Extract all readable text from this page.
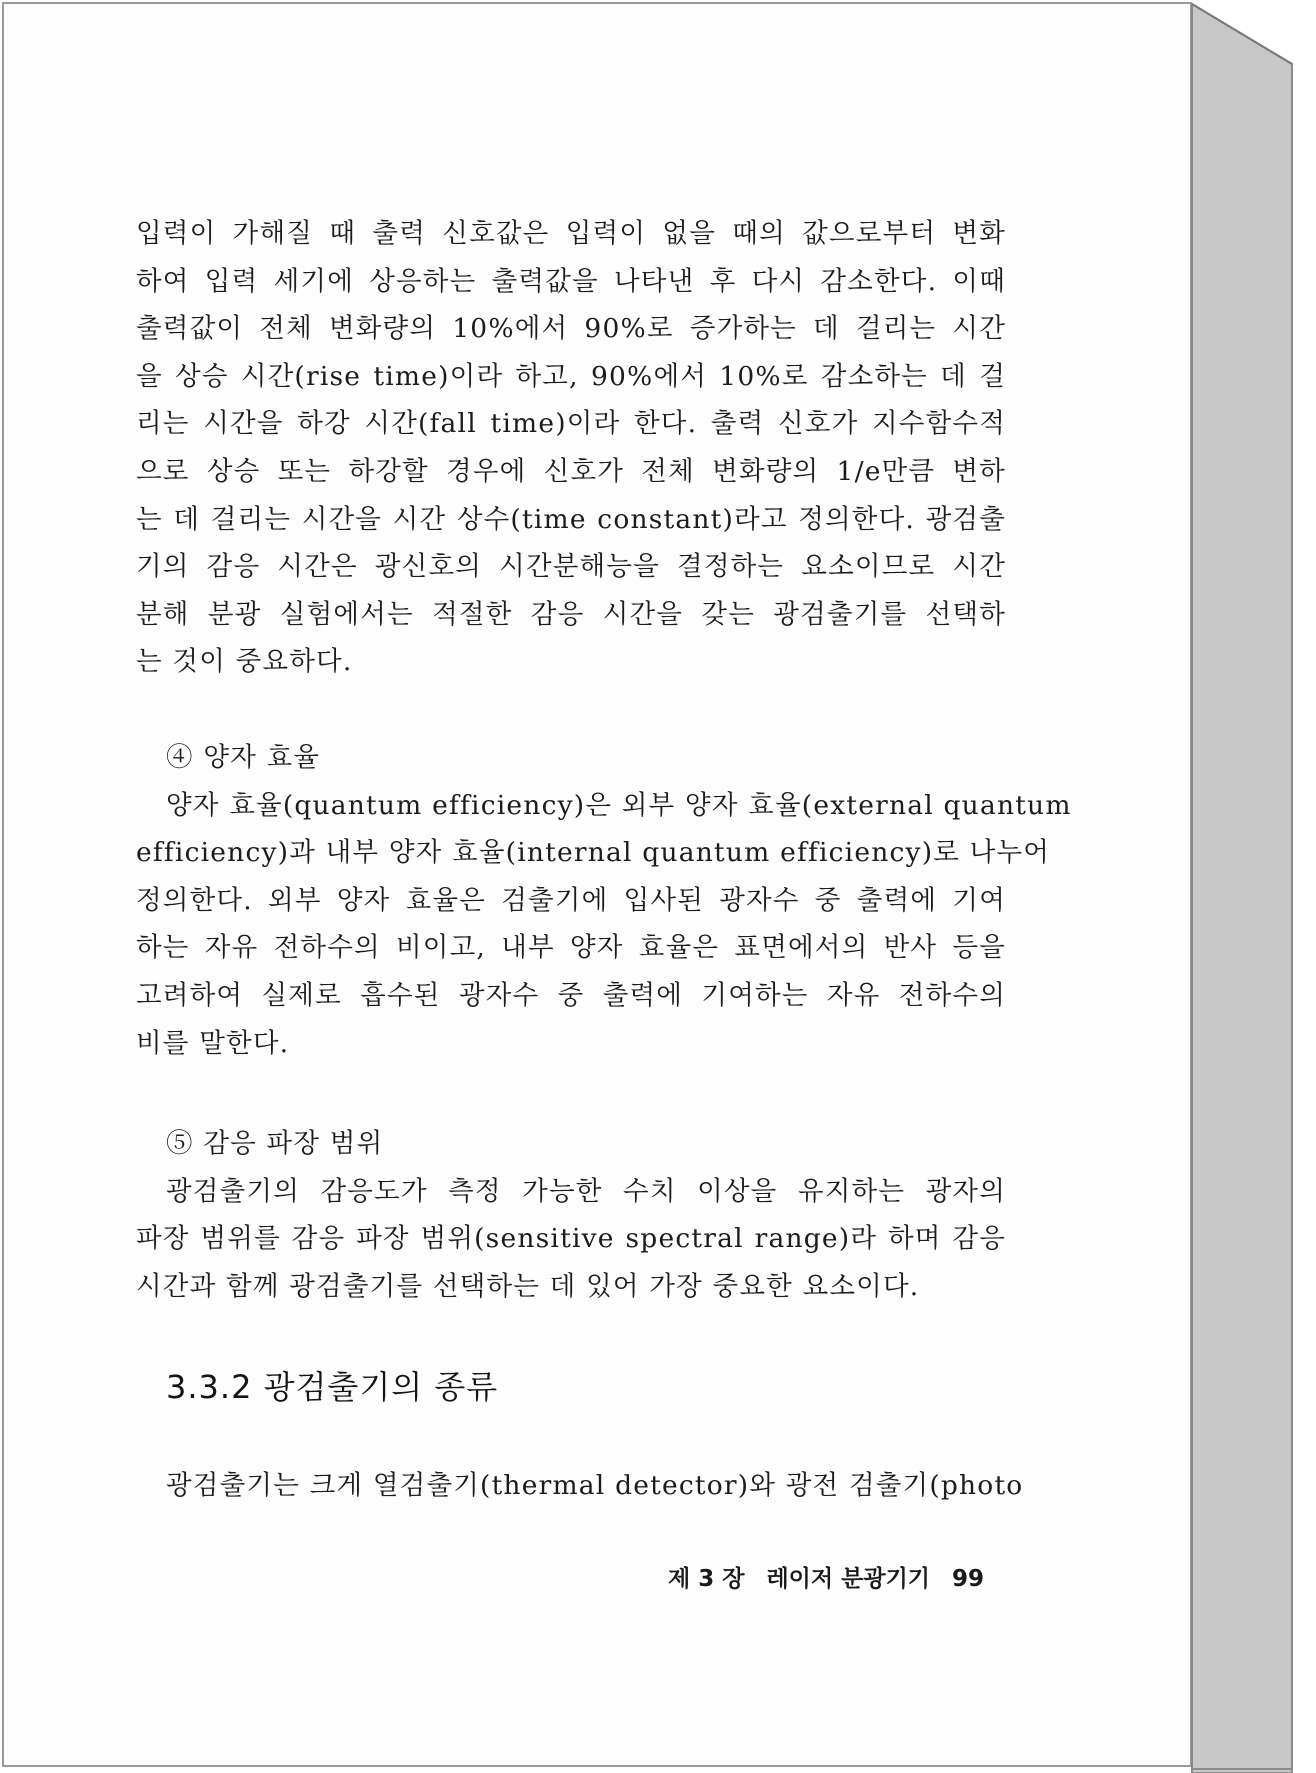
입력이 가해질 때 출력 신호값은 입력이 없을 때의 값으로부터 변화
하여 입력 세기에 상응하는 출력값을 나타낸 후 다시 감소한다. 이때
출력값이 전체 변화량의 10%에서 90%로 증가하는 데 걸리는 시간
을 상승 시간(rise time)이라 하고, 90%에서 10%로 감소하는 데 걸
리는 시간을 하강 시간(fall time)이라 한다. 출력 신호가 지수함수적
으로 상승 또는 하강할 경우에 신호가 전체 변화량의 1/e만큼 변하
는 데 걸리는 시간을 시간 상수(time constant)라고 정의한다. 광검출
기의 감응 시간은 광신호의 시간분해능을 결정하는 요소이므로 시간
분해 분광 실험에서는 적절한 감응 시간을 갖는 광검출기를 선택하
는 것이 중요하다.
④ 양자 효율
양자 효율(quantum efficiency)은 외부 양자 효율(external quantum
efficiency)과 내부 양자 효율(internal quantum efficiency)로 나누어
정의한다. 외부 양자 효율은 검출기에 입사된 광자수 중 출력에 기여
하는 자유 전하수의 비이고, 내부 양자 효율은 표면에서의 반사 등을
고려하여 실제로 흡수된 광자수 중 출력에 기여하는 자유 전하수의
비를 말한다.
⑤ 감응 파장 범위
광검출기의 감응도가 측정 가능한 수치 이상을 유지하는 광자의
파장 범위를 감응 파장 범위(sensitive spectral range)라 하며 감응
시간과 함께 광검출기를 선택하는 데 있어 가장 중요한 요소이다.
3.3.2 광검출기의 종류
광검출기는 크게 열검출기(thermal detector)와 광전 검출기(photo
제 3 장 레이저 분광기기 99
